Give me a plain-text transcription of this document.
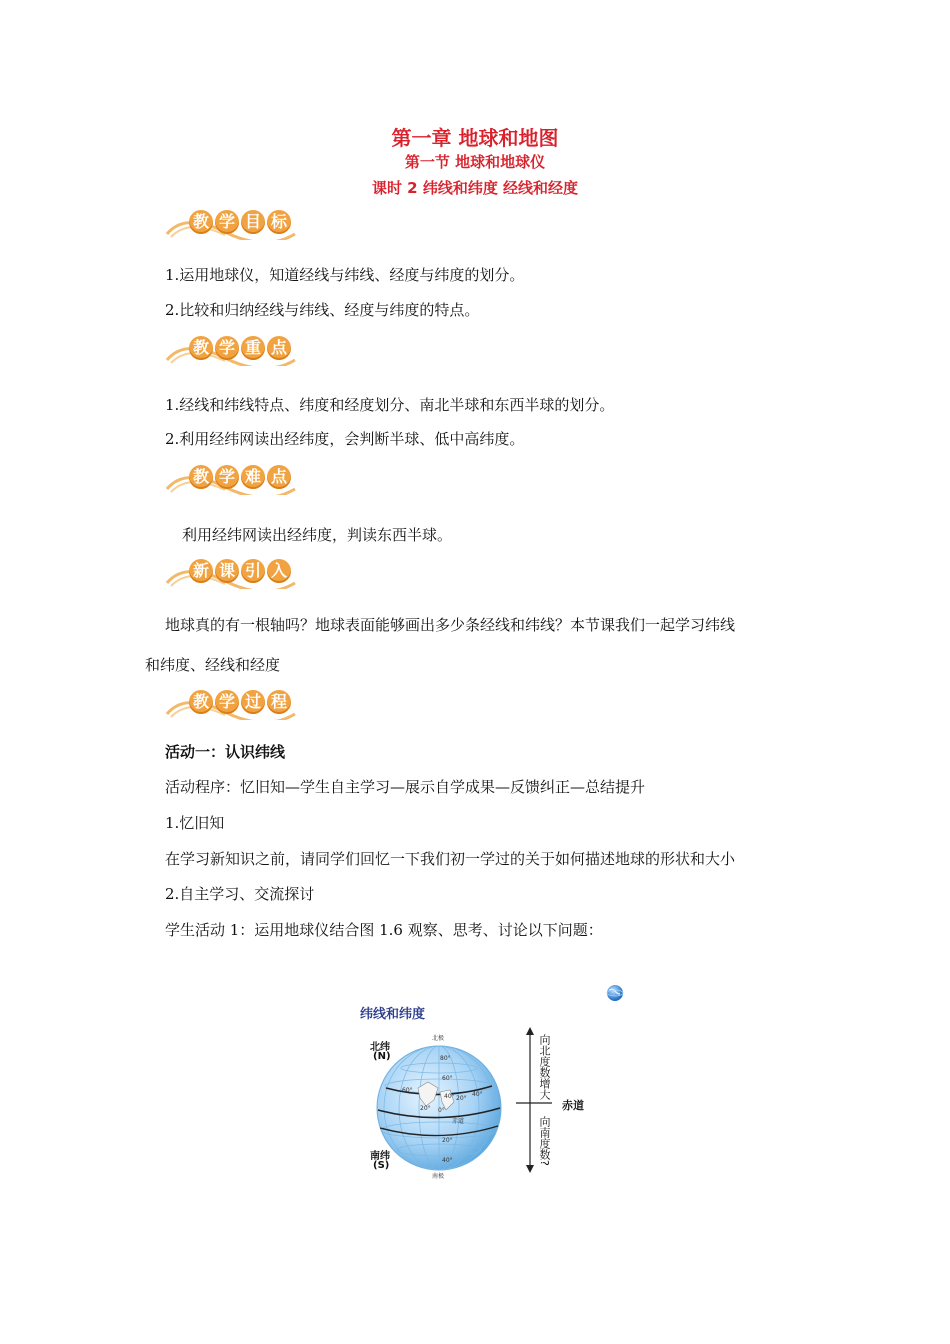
第一章 地球和地图
第一节 地球和地球仪
课时 2 纬线和纬度 经线和经度
教 学 目 标
1.运用地球仪，知道经线与纬线、经度与纬度的划分。
2.比较和归纳经线与纬线、经度与纬度的特点。
教 学 重 点
1.经线和纬线特点、纬度和经度划分、南北半球和东西半球的划分。
2.利用经纬网读出经纬度，会判断半球、低中高纬度。
教 学 难 点
利用经纬网读出经纬度，判读东西半球。
新 课 引 入
地球真的有一根轴吗？地球表面能够画出多少条经线和纬线？本节课我们一起学习纬线
和纬度、经线和经度
教 学 过 程
活动一：认识纬线
活动程序：忆旧知—学生自主学习—展示自学成果—反馈纠正—总结提升
1.忆旧知
在学习新知识之前，请同学们回忆一下我们初一学过的关于如何描述地球的形状和大小
2.自主学习、交流探讨
学生活动 1：运用地球仪结合图 1.6 观察、思考、讨论以下问题：
纬线和纬度
北纬
(N)
南纬
(S)
北极
南极
赤道
80°
60°
40°
20° 0°
20°
40°
20°
40°
60°	向北度数增大
向南度数?
赤道
